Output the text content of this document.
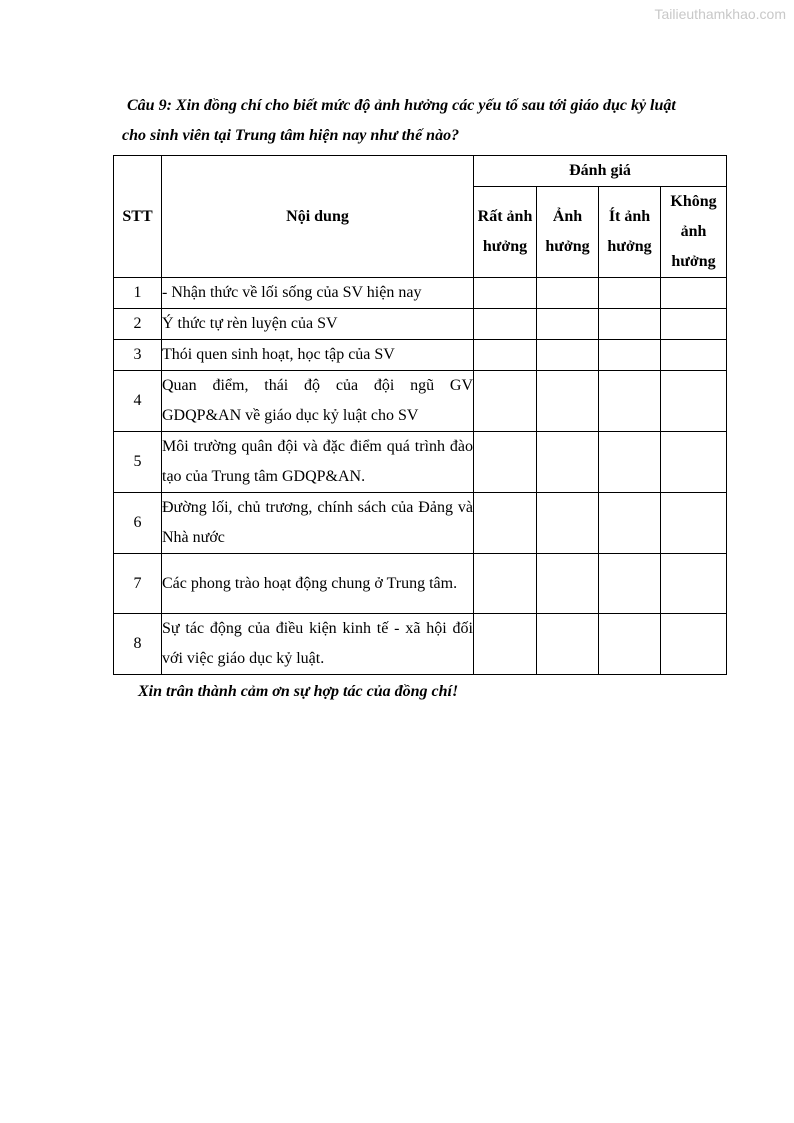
Tailieuthamkhao.com
Câu 9: Xin đồng chí cho biết mức độ ảnh hưởng các yếu tố sau tới giáo dục kỷ luật
cho sinh viên tại Trung tâm hiện nay như thế nào?
STT	Nội dung	Đánh giá			
		Rất ảnh hưởng	Ảnh hưởng	Ít ảnh hưởng	Không ảnh hưởng
1	- Nhận thức về lối sống của SV hiện nay				
2	Ý thức tự rèn luyện của SV				
3	Thói quen sinh hoạt, học tập của SV				
4	Quan điểm, thái độ của đội ngũ GV GDQP&AN về giáo dục kỷ luật cho SV				
5	Môi trường quân đội và đặc điểm quá trình đào tạo của Trung tâm GDQP&AN.				
6	Đường lối, chủ trương, chính sách của Đảng và Nhà nước				
7	Các phong trào hoạt động chung ở Trung tâm.				
8	Sự tác động của điều kiện kinh tế - xã hội đối với việc giáo dục kỷ luật.				
Xin trân thành cảm ơn sự hợp tác của đồng chí!
